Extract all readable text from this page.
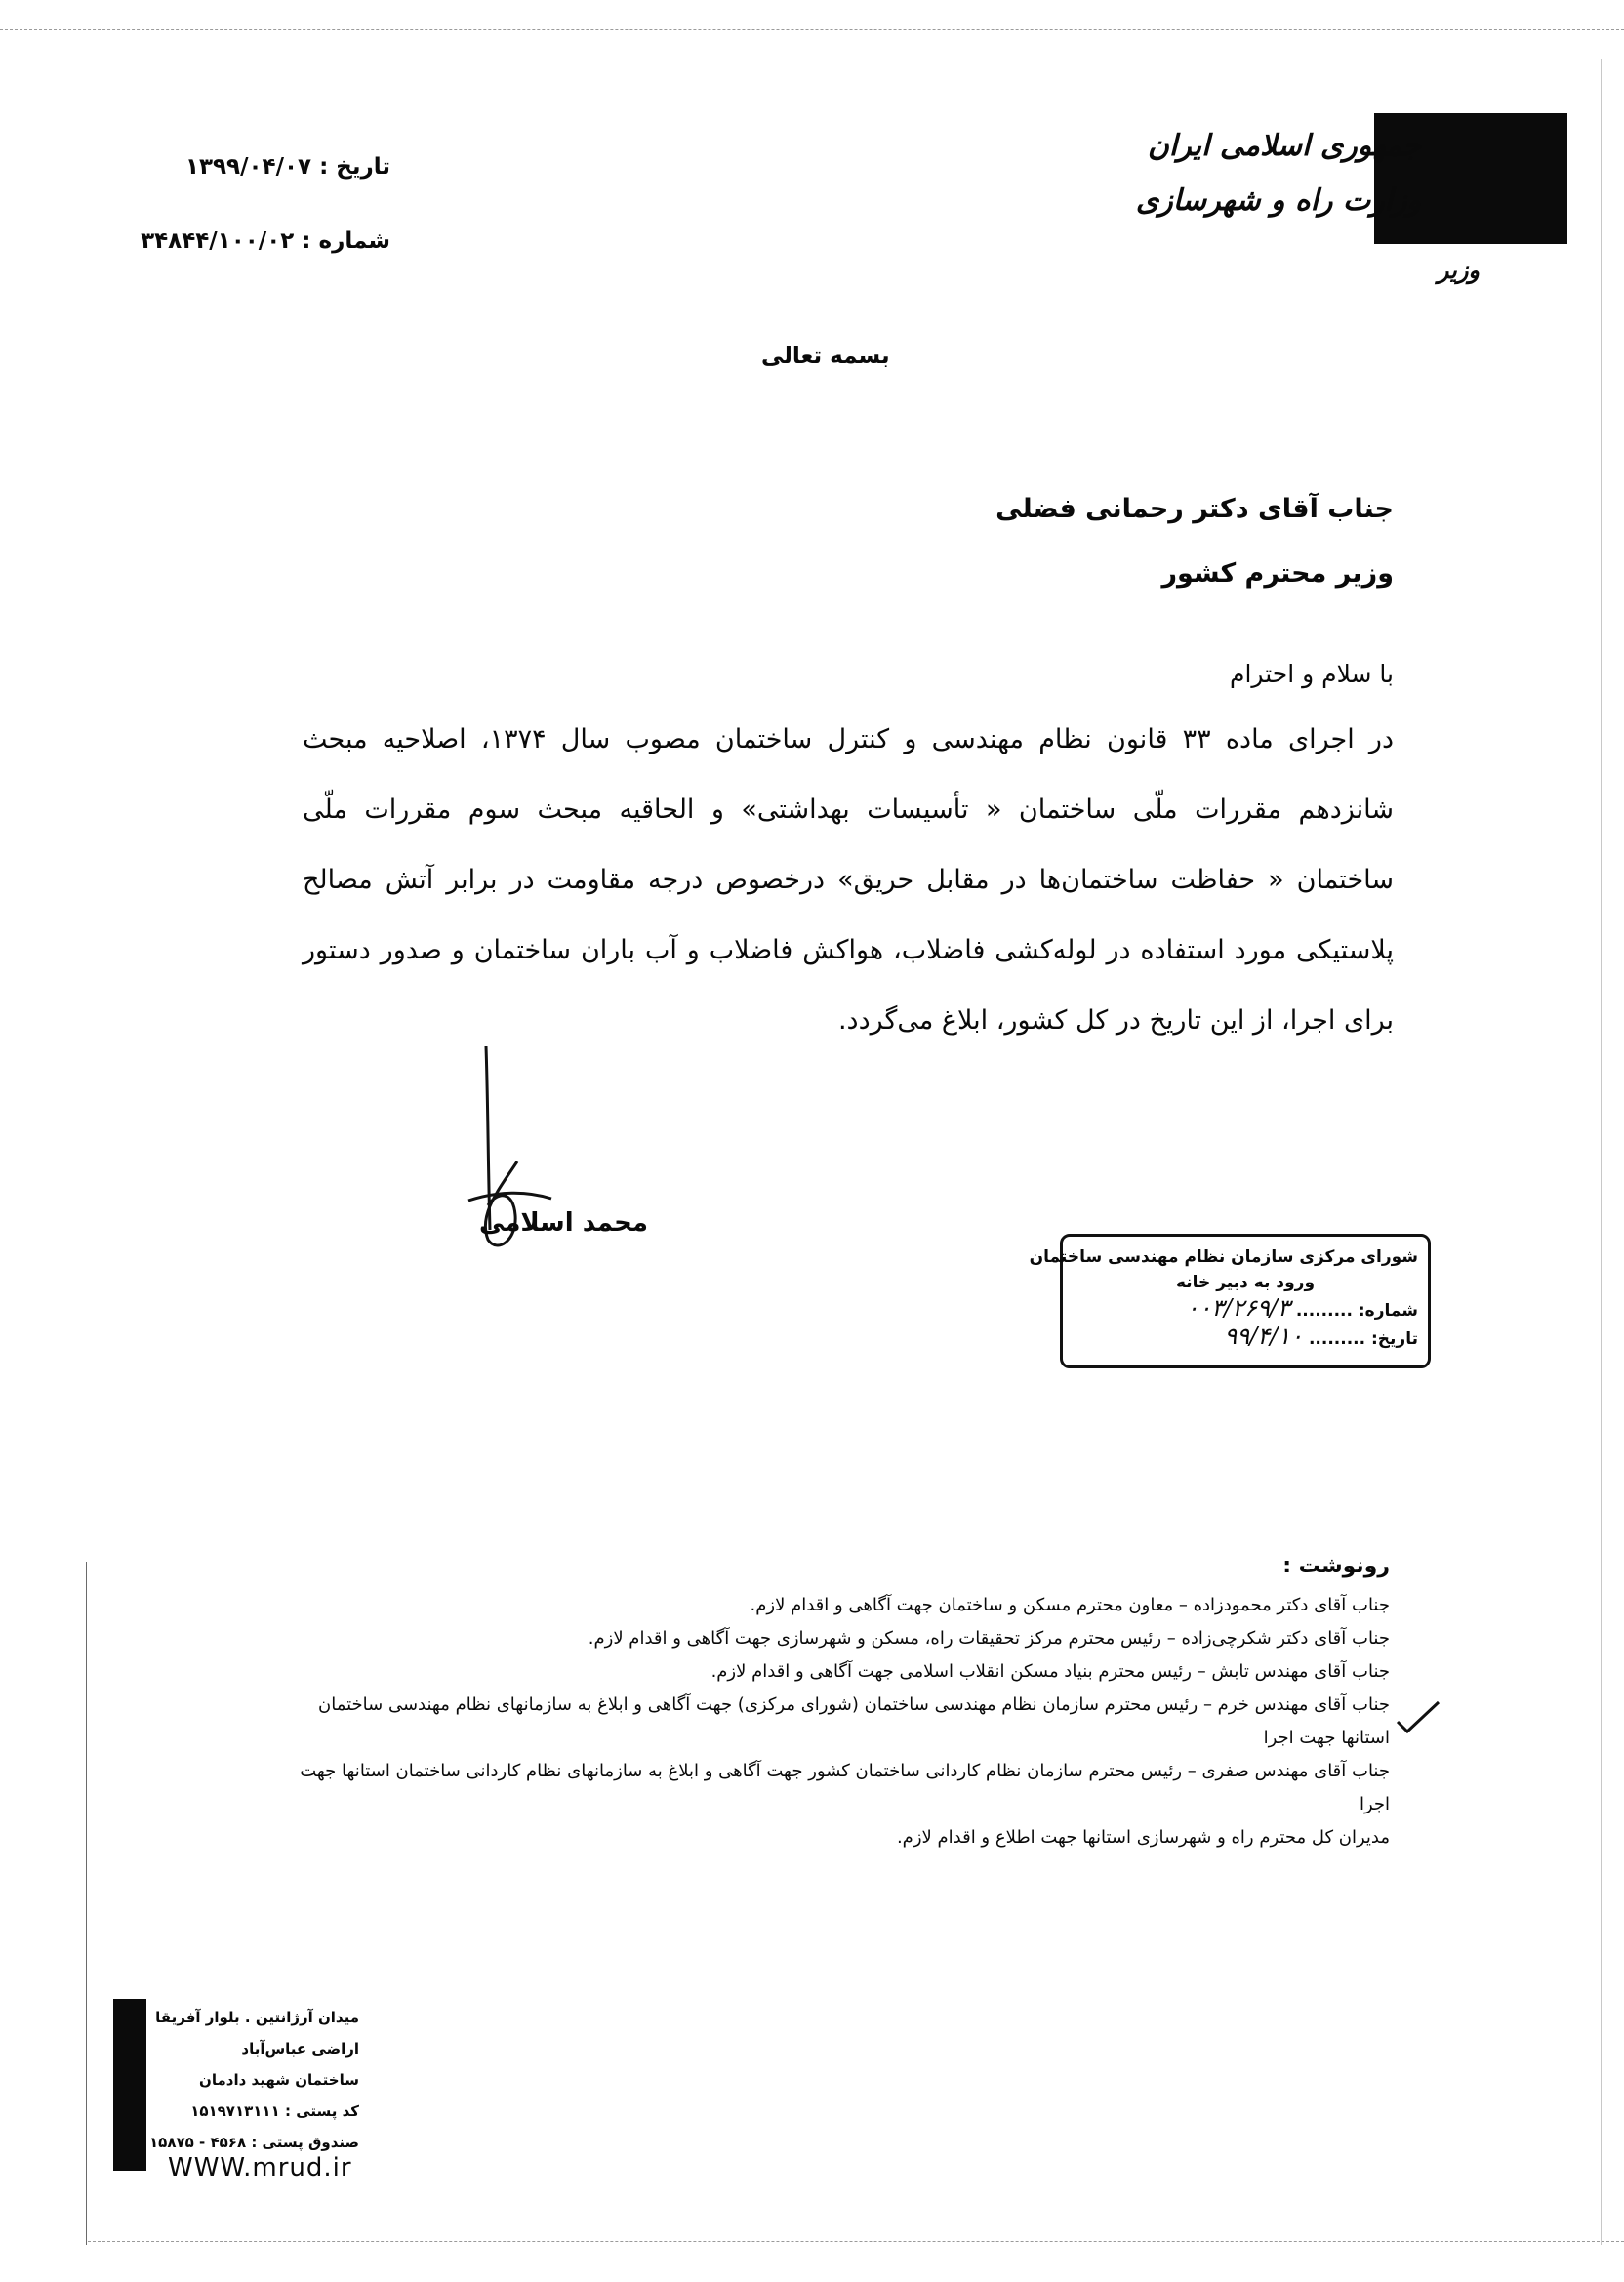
جمهوری اسلامی ایران
وزارت راه و شهرسازی
وزیر
تاریخ : ۱۳۹۹/۰۴/۰۷
شماره : ۳۴۸۴۴/۱۰۰/۰۲
بسمه تعالی
جناب آقای دکتر رحمانی فضلی
وزیر محترم کشور
با سلام و احترام
در اجرای ماده ۳۳ قانون نظام مهندسی و کنترل ساختمان مصوب سال ۱۳۷۴، اصلاحیه مبحث شانزدهم مقررات ملّی ساختمان « تأسیسات بهداشتی» و الحاقیه مبحث سوم مقررات ملّی ساختمان « حفاظت ساختمان‌ها در مقابل حریق» درخصوص درجه مقاومت در برابر آتش مصالح پلاستیکی مورد استفاده در لوله‌کشی فاضلاب، هواکش فاضلاب و آب باران ساختمان و صدور دستور برای اجرا، از این تاریخ در کل کشور، ابلاغ می‌گردد.
محمد اسلامی
شورای مرکزی سازمان نظام مهندسی ساختمان
ورود به دبیر خانه
شماره: ......... ۰۰۳/۲۶۹/۳
تاریخ: ......... ۹۹/۴/۱۰
رونوشت :
جناب آقای دکتر محمودزاده – معاون محترم مسکن و ساختمان جهت آگاهی و اقدام لازم.
جناب آقای دکتر شکرچی‌زاده – رئیس محترم مرکز تحقیقات راه، مسکن و شهرسازی جهت آگاهی و اقدام لازم.
جناب آقای مهندس تابش – رئیس محترم بنیاد مسکن انقلاب اسلامی جهت آگاهی و اقدام لازم.
جناب آقای مهندس خرم – رئیس محترم سازمان نظام مهندسی ساختمان (شورای مرکزی) جهت آگاهی و ابلاغ به سازمانهای نظام مهندسی ساختمان استانها جهت اجرا
جناب آقای مهندس صفری – رئیس محترم سازمان نظام کاردانی ساختمان کشور جهت آگاهی و ابلاغ به سازمانهای نظام کاردانی ساختمان استانها جهت اجرا
مدیران کل محترم راه و شهرسازی استانها جهت اطلاع و اقدام لازم.
میدان آرژانتین . بلوار آفریقا
اراضی عباس‌آباد
ساختمان شهید دادمان
کد پستی : ۱۵۱۹۷۱۳۱۱۱
صندوق پستی : ۴۵۶۸ - ۱۵۸۷۵
WWW.mrud.ir
